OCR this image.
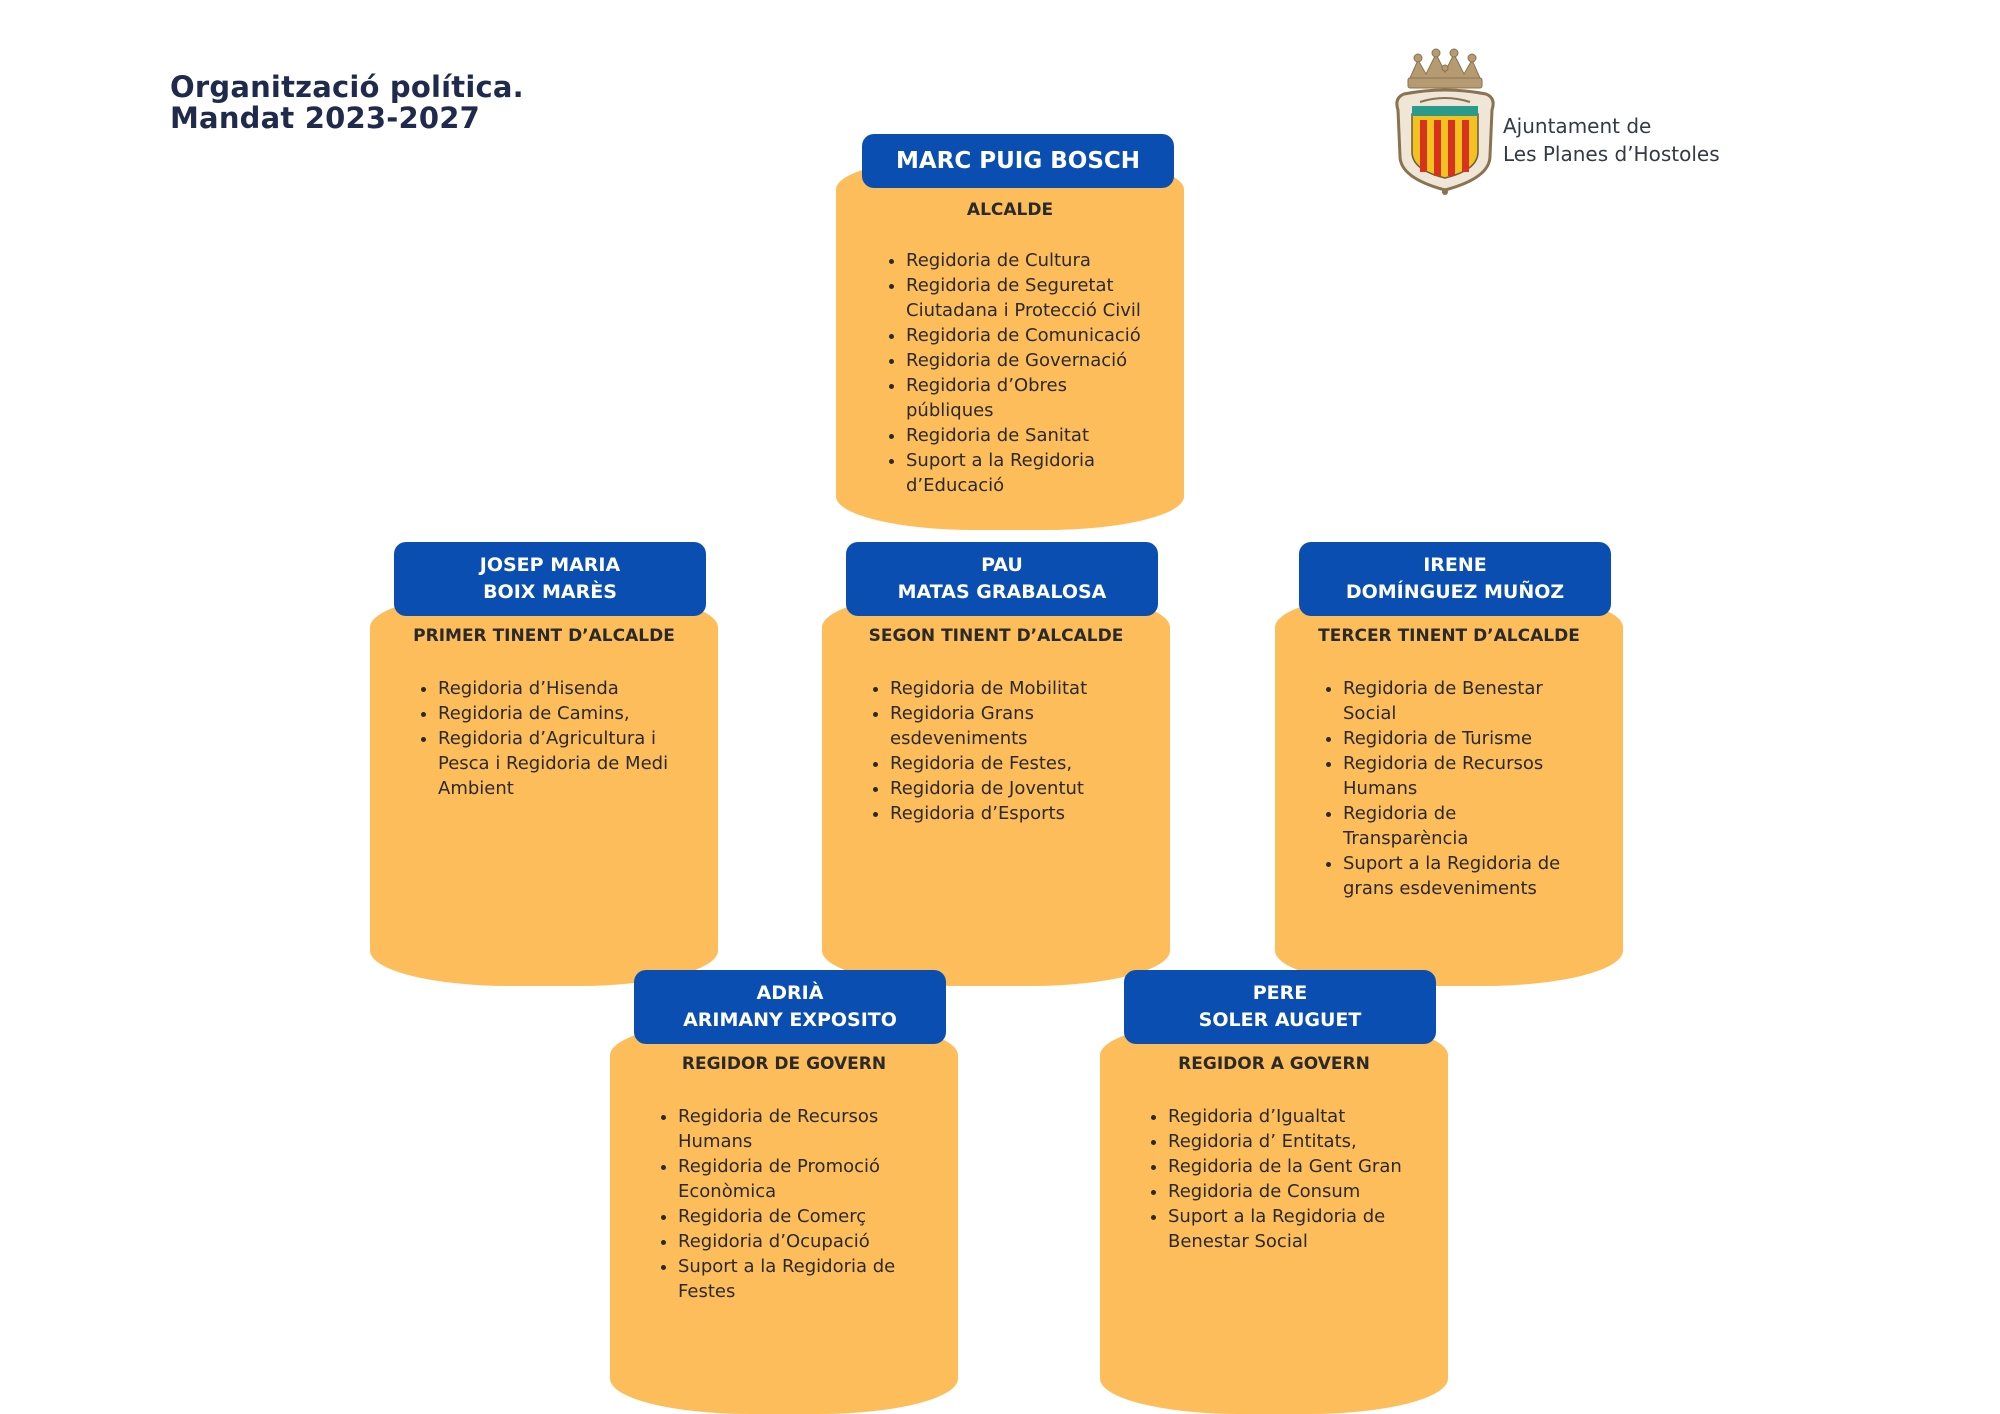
Organització política.
Mandat 2023-2027	Ajuntament de
Les Planes d’Hostoles
MARC PUIG BOSCH
ALCALDE
• Regidoria de Cultura
• Regidoria de Seguretat
Ciutadana i Protecció Civil
• Regidoria de Comunicació
• Regidoria de Governació
• Regidoria d’Obres
públiques
• Regidoria de Sanitat
• Suport a la Regidoria
d’Educació
JOSEP MARIA
BOIX MARÈS
PRIMER TINENT D’ALCALDE
• Regidoria d’Hisenda
• Regidoria de Camins,
• Regidoria d’Agricultura i
Pesca i Regidoria de Medi
Ambient
PAU
MATAS GRABALOSA
SEGON TINENT D’ALCALDE
• Regidoria de Mobilitat
• Regidoria Grans
esdeveniments
• Regidoria de Festes,
• Regidoria de Joventut
• Regidoria d’Esports
IRENE
DOMÍNGUEZ MUÑOZ
TERCER TINENT D’ALCALDE
• Regidoria de Benestar
Social
• Regidoria de Turisme
• Regidoria de Recursos
Humans
• Regidoria de
Transparència
• Suport a la Regidoria de
grans esdeveniments
ADRIÀ
ARIMANY EXPOSITO
REGIDOR DE GOVERN
• Regidoria de Recursos
Humans
• Regidoria de Promoció
Econòmica
• Regidoria de Comerç
• Regidoria d’Ocupació
• Suport a la Regidoria de
Festes
PERE
SOLER AUGUET
REGIDOR A GOVERN
• Regidoria d’Igualtat
• Regidoria d’ Entitats,
• Regidoria de la Gent Gran
• Regidoria de Consum
• Suport a la Regidoria de
Benestar Social
